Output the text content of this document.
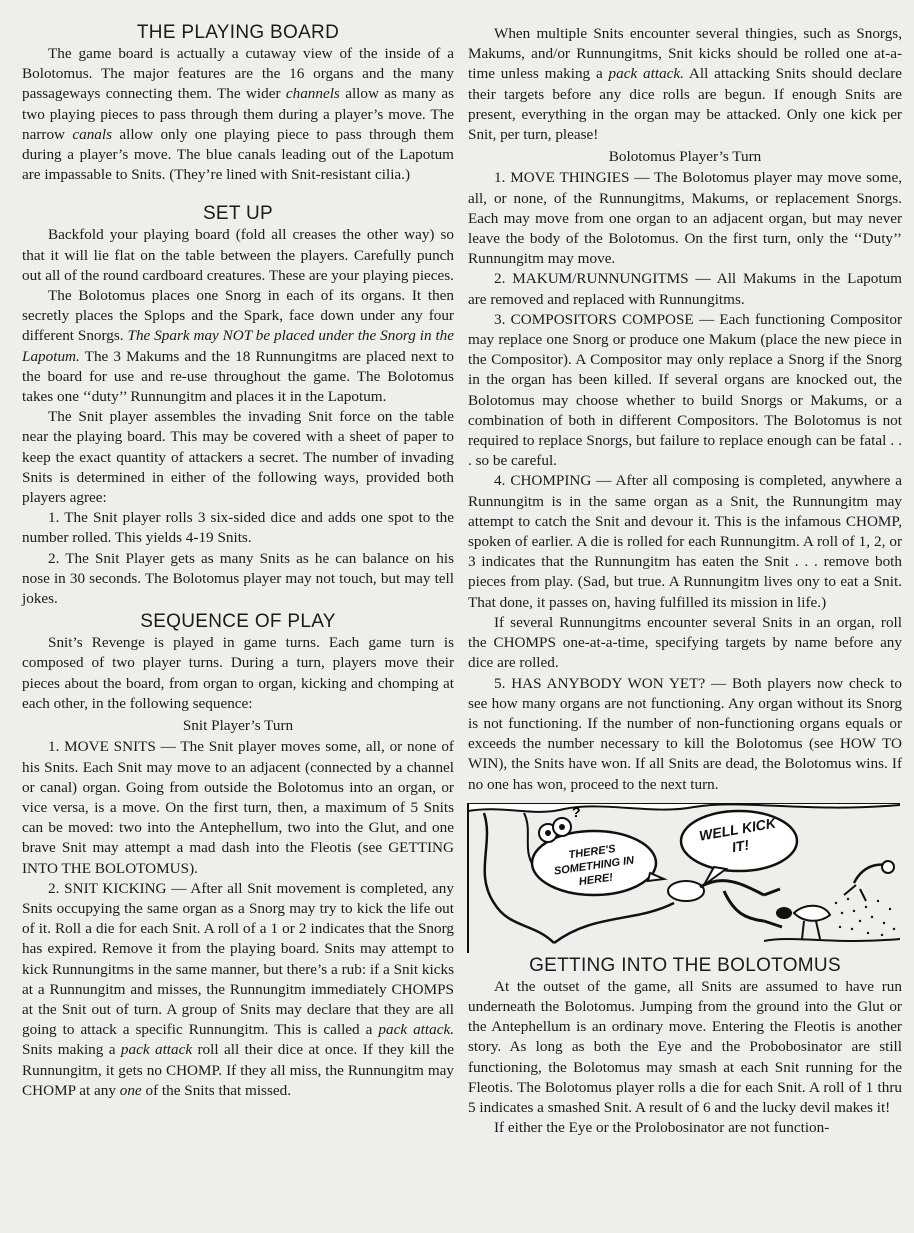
THE PLAYING BOARD

The game board is actually a cutaway view of the inside of a Bolotomus. The major features are the 16 organs and the many passageways connecting them. The wider channels allow as many as two playing pieces to pass through them during a player’s move. The narrow canals allow only one playing piece to pass through them during a player’s move. The blue canals leading out of the Lapotum are impassable to Snits. (They’re lined with Snit-resistant cilia.)

SET UP

Backfold your playing board (fold all creases the other way) so that it will lie flat on the table between the players. Carefully punch out all of the round cardboard creatures. These are your playing pieces.

The Bolotomus places one Snorg in each of its organs. It then secretly places the Splops and the Spark, face down under any four different Snorgs. The Spark may NOT be placed under the Snorg in the Lapotum. The 3 Makums and the 18 Runnungitms are placed next to the board for use and re-use throughout the game. The Bolotomus takes one ‘‘duty’’ Runnungitm and places it in the Lapotum.

The Snit player assembles the invading Snit force on the table near the playing board. This may be covered with a sheet of paper to keep the exact quantity of attackers a secret. The number of invading Snits is determined in either of the following ways, provided both players agree:

1. The Snit player rolls 3 six-sided dice and adds one spot to the number rolled. This yields 4-19 Snits.

2. The Snit Player gets as many Snits as he can balance on his nose in 30 seconds. The Bolotomus player may not touch, but may tell jokes.

SEQUENCE OF PLAY

Snit’s Revenge is played in game turns. Each game turn is composed of two player turns. During a turn, players move their pieces about the board, from organ to organ, kicking and chomping at each other, in the following sequence:

Snit Player’s Turn

1. MOVE SNITS — The Snit player moves some, all, or none of his Snits. Each Snit may move to an adjacent (connected by a channel or canal) organ. Going from outside the Bolotomus into an organ, or vice versa, is a move. On the first turn, then, a maximum of 5 Snits can be moved: two into the Antephellum, two into the Glut, and one brave Snit may attempt a mad dash into the Fleotis (see GETTING INTO THE BOLOTOMUS).

2. SNIT KICKING — After all Snit movement is completed, any Snits occupying the same organ as a Snorg may try to kick the life out of it. Roll a die for each Snit. A roll of a 1 or 2 indicates that the Snorg has expired. Remove it from the playing board. Snits may attempt to kick Runnungitms in the same manner, but there’s a rub: if a Snit kicks at a Runnungitm and misses, the Runnungitm immediately CHOMPS at the Snit out of turn. A group of Snits may declare that they are all going to attack a specific Runnungitm. This is called a pack attack. Snits making a pack attack roll all their dice at once. If they kill the Runnungitm, it gets no CHOMP. If they all miss, the Runnungitm may CHOMP at any one of the Snits that missed.

When multiple Snits encounter several thingies, such as Snorgs, Makums, and/or Runnungitms, Snit kicks should be rolled one at-a-time unless making a pack attack. All attacking Snits should declare their targets before any dice rolls are begun. If enough Snits are present, everything in the organ may be attacked. Only one kick per Snit, per turn, please!

Bolotomus Player’s Turn

1. MOVE THINGIES — The Bolotomus player may move some, all, or none, of the Runnungitms, Makums, or replacement Snorgs. Each may move from one organ to an adjacent organ, but may never leave the body of the Bolotomus. On the first turn, only the ‘‘Duty’’ Runnungitm may move.

2. MAKUM/RUNNUNGITMS — All Makums in the Lapotum are removed and replaced with Runnungitms.

3. COMPOSITORS COMPOSE — Each functioning Compositor may replace one Snorg or produce one Makum (place the new piece in the Compositor). A Compositor may only replace a Snorg if the Snorg in the organ has been killed. If several organs are knocked out, the Bolotomus may choose whether to build Snorgs or Makums, or a combination of both in different Compositors. The Bolotomus is not required to replace Snorgs, but failure to replace enough can be fatal . . . so be careful.

4. CHOMPING — After all composing is completed, anywhere a Runnungitm is in the same organ as a Snit, the Runnungitm may attempt to catch the Snit and devour it. This is the infamous CHOMP, spoken of earlier. A die is rolled for each Runnungitm. A roll of 1, 2, or 3 indicates that the Runnungitm has eaten the Snit . . . remove both pieces from play. (Sad, but true. A Runnungitm lives ony to eat a Snit. That done, it passes on, having fulfilled its mission in life.)

If several Runnungitms encounter several Snits in an organ, roll the CHOMPS one-at-a-time, specifying targets by name before any dice are rolled.

5. HAS ANYBODY WON YET? — Both players now check to see how many organs are not functioning. Any organ without its Snorg is not functioning. If the number of non-functioning organs equals or exceeds the number necessary to kill the Bolotomus (see HOW TO WIN), the Snits have won. If all Snits are dead, the Bolotomus wins. If no one has won, proceed to the next turn.

?
THERE'S SOMETHING IN HERE!
WELL KICK IT!
GETTING INTO THE BOLOTOMUS

At the outset of the game, all Snits are assumed to have run underneath the Bolotomus. Jumping from the ground into the Glut or the Antephellum is an ordinary move. Entering the Fleotis is another story. As long as both the Eye and the Probobosinator are still functioning, the Bolotomus may smash at each Snit running for the Fleotis. The Bolotomus player rolls a die for each Snit. A roll of 1 thru 5 indicates a smashed Snit. A result of 6 and the lucky devil makes it!

If either the Eye or the Prolobosinator are not function-
